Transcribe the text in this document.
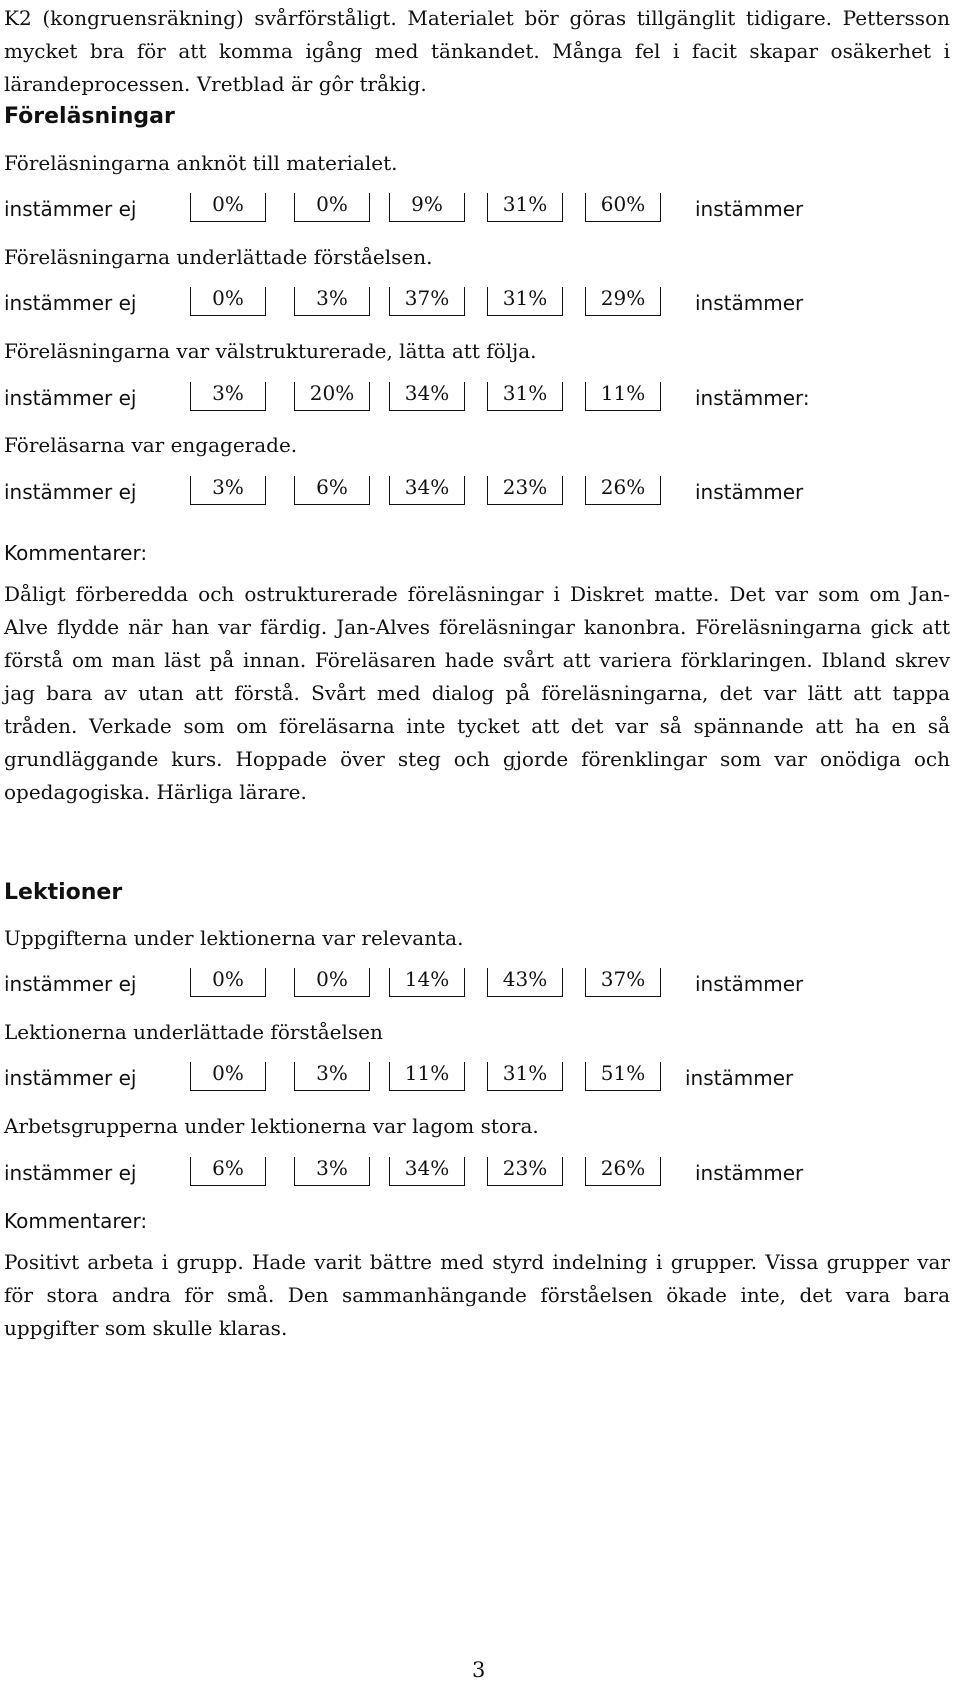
K2 (kongruensräkning) svårförståligt. Materialet bör göras tillgänglit tidigare. Pettersson mycket bra för att komma igång med tänkandet. Många fel i facit skapar osäkerhet i lärandeprocessen. Vretblad är gôr tråkig.
Föreläsningar
Föreläsningarna anknöt till materialet.
instämmer ej	0%	0%	9%	31%	60%	instämmer
Föreläsningarna underlättade förståelsen.
instämmer ej	0%	3%	37%	31%	29%	instämmer
Föreläsningarna var välstrukturerade, lätta att följa.
instämmer ej	3%	20%	34%	31%	11%	instämmer:
Föreläsarna var engagerade.
instämmer ej	3%	6%	34%	23%	26%	instämmer
Kommentarer:
Dåligt förberedda och ostrukturerade föreläsningar i Diskret matte. Det var som om Jan-Alve flydde när han var färdig. Jan-Alves föreläsningar kanonbra. Föreläsningarna gick att förstå om man läst på innan. Föreläsaren hade svårt att variera förklaringen. Ibland skrev jag bara av utan att förstå. Svårt med dialog på föreläsningarna, det var lätt att tappa tråden. Verkade som om föreläsarna inte tycket att det var så spännande att ha en så grundläggande kurs. Hoppade över steg och gjorde förenklingar som var onödiga och opedagogiska. Härliga lärare.
Lektioner
Uppgifterna under lektionerna var relevanta.
instämmer ej	0%	0%	14%	43%	37%	instämmer
Lektionerna underlättade förståelsen
instämmer ej	0%	3%	11%	31%	51%	instämmer
Arbetsgrupperna under lektionerna var lagom stora.
instämmer ej	6%	3%	34%	23%	26%	instämmer
Kommentarer:
Positivt arbeta i grupp. Hade varit bättre med styrd indelning i grupper. Vissa grupper var för stora andra för små. Den sammanhängande förståelsen ökade inte, det vara bara uppgifter som skulle klaras.
3
